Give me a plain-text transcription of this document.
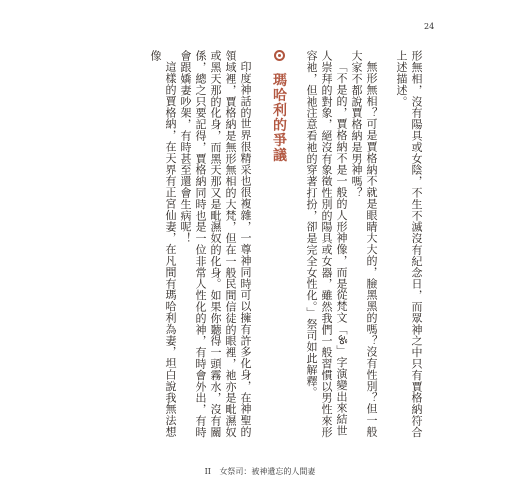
24

形無相，沒有陽具或女陰，不生不滅沒有紀念日，而眾神之中只有賈格納符合上述描述。

無形無相？可是賈格納不就是眼睛大大的，臉黑黑的嗎？沒有性別？但一般大家不都說賈格納是男神嗎？

「不是的，賈格納不是一般的人形神像，而是從梵文「ॐ」字演變出來結世人崇拜的對象，絕沒有象徵性別的陽具或女器，雖然我們一般習慣以男性來形容祂，但祂注意看祂的穿著打扮，卻是完全女性化。」祭司如此解釋。

瑪哈利的爭議

印度神話的世界很精采也很複雜，一尊神同時可以擁有許多化身，在神聖的領域裡，賈格納是無形無相的大梵，但在一般民間信徒的眼裡，祂亦是毗濕奴或黑天那的化身，而黑天那又是毗濕奴的化身。如果你聽得一頭霧水，沒有關係，總之只要記得，賈格納同時也是一位非常人性化的神，有時會外出，有時會跟嬌妻吵架，有時甚至還會生病呢！

這樣的賈格納，在天界有正宮仙妻，在凡間有瑪哈利為妻，坦白說我無法想像

II 女祭司：被神遺忘的人間妻
